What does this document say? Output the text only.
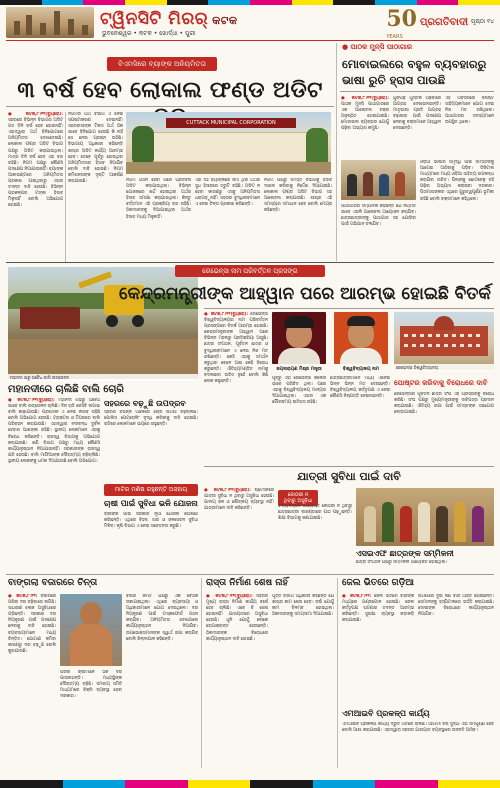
ଟ୍ୱିନସିଟି ମିରର୍ କଟକ
ଭୁବନେଶ୍ୱର • କଟକ • ଖୋର୍ଦ୍ଧା • ପୁରୀ
50
YEARS
ପ୍ରଗତିବାଦୀ ପୃଷ୍ଠା ୧୪
ବିଏମସିରେ ବ୍ୟାଙ୍କ ଅନିୟମିତତା
୩ ବର୍ଷ ହେବ ଲୋକାଲ ଫଣ୍ଡ ଅଡିଟ
● କଟକ,୮।୧୧(ବ୍ୟୁରୋ): ସହରରେ ବିଭିନ୍ନ ବିଭାଗର ଅଡିଟ ଗତ ତିନି ବର୍ଷ ହେବ ହୋଇନାହିଁ। ଏହାଦ୍ୱାରା ଅର୍ଥ ବିନିଯୋଗରେ ଅନିୟମିତତା ଦେଖାଦେଇଛି। ଲୋକାଲ ଫଣ୍ଡ ଅଡିଟ ବିଭାଗ ପକ୍ଷରୁ ଅଡିଟ କରାଯାଉଥିଲା। ମାତ୍ର ତିନି ବର୍ଷ ହେବ ଏହା ବନ୍ଦ ରହିଛି। ନିଗମ ପକ୍ଷରୁ କୌଣସି ପଦକ୍ଷେପ ନିଆଯାଇନାହିଁ। ବ୍ୟାଙ୍କ ଆକାଉଣ୍ଟରେ ଅନିୟମିତତା ପ୍ରକାଶ ପାଇଥିବାରୁ ଏହାର ତଦନ୍ତ ଦାବି ହେଉଛି। ବିଭିନ୍ନ ପ୍ରକଳ୍ପର ଟଙ୍କା ହିସାବ ମିଳୁନାହିଁ ବୋଲି ଅଭିଯୋଗ ହୋଇଛି।
ନିଗମର ଅର୍ଥ ବିଭାଗ ଏ ନେଇ ସ୍ପଷ୍ଟୀକରଣ ଦେଇନାହିଁ। ସହରବାସୀଙ୍କ ଟିକସ ଅର୍ଥ ଠିକ ଭାବେ ବିନିଯୋଗ ହେଉଛି କି ନାହିଁ ସେ ନେଇ ପ୍ରଶ୍ନ ଉଠିଛି। ବିଭାଗୀୟ ଅଧିକାରୀ କହିଛନ୍ତି ଶୀଘ୍ର ଅଡିଟ କାର୍ଯ୍ୟ ଆରମ୍ଭ ହେବ। ତେବେ ପୂର୍ବରୁ ହୋଇଥିବା ଅନିୟମିତତାର ହିସାବ ନିଆଯିବ ବୋଲି ଦାବି ହୋଇଛି। ନିଗମ କମିଶନରଙ୍କ ଦୃଷ୍ଟି ଆକର୍ଷଣ କରାଯାଇଛି।
CUTTACK MUNICIPAL CORPORATION
ନିଗମ ଗଠନ ହେବା ପରେ ପ୍ରତିବର୍ଷ ଅଡିଟ କରାଯାଉଥିଲା। ବିଭିନ୍ନ ଯୋଜନାରେ ଖର୍ଚ୍ଚ ହୋଇଥିବା ଅର୍ଥର ହିସାବ ସମୀକ୍ଷା କରାଯାଉଥିଲା। କିନ୍ତୁ ବର୍ତ୍ତମାନ ଏହି ପ୍ରକ୍ରିୟା ବନ୍ଦ ରହିଛି। ଠିକାଦାରଙ୍କୁ ଦିଆଯାଇଥିବା ଅର୍ଥର ହିସାବ ମଧ୍ୟ ମିଳୁନାହିଁ।
ଏହା ସହ ବ୍ୟାଙ୍କରେ ଜମା ଥିବା ଅର୍ଥର ସୁଧ ହିସାବରେ ତ୍ରୁଟି ରହିଛି। ଅଡିଟ ନ ହେବା କାରଣରୁ ଏସବୁ ଅନିୟମିତତା ଧରାପଡ଼ୁନାହିଁ। ସହରର ବୁଦ୍ଧିଜୀବୀମାନେ ଏ ନେଇ ଚିନ୍ତା ପ୍ରକାଶ କରିଛନ୍ତି।
ନିଗମ ପକ୍ଷରୁ ସମସ୍ତ ବିଭାଗକୁ ହିସାବ ଦାଖଲ କରିବାକୁ ନିର୍ଦ୍ଦେଶ ଦିଆଯାଇଛି। ଲୋକାଲ ଫଣ୍ଡ ଅଡିଟ ବିଭାଗ ସହ ଆଲୋଚନା କରାଯାଉଛି। ଶୀଘ୍ର ଏହି ସମସ୍ୟାର ସମାଧାନ ହେବ ବୋଲି ମେୟର କହିଛନ୍ତି।
● ପାଠକ ମୁନ୍ସି ପାଠାଗାର
ମୋବାଇଲରେ ବହୁଳ ବ୍ୟବହାରରୁ ଭାଷା ରୁଚି ହ୍ରାସ ପାଉଛି
● କଟକ,୮।୧୧(ବ୍ୟୁରୋ): ପାଠକ ମୁନ୍ସି ପାଠାଗାରରେ ଏକ ଆଲୋଚନା ଚକ୍ର ଅନୁଷ୍ଠିତ ହୋଇଯାଇଛି। ମୋବାଇଲ ବ୍ୟବହାର ଯୋଗୁଁ ପଢ଼ିବା ଅଭ୍ୟାସ କମୁଛି।
ଯୁବପିଢ଼ି ପୁସ୍ତକ ପଢ଼ିବାରେ ଆଗ୍ରହ ଦେଖାଉନାହାନ୍ତି। ମାତୃଭାଷା ପ୍ରତି ଆଗ୍ରହ ବଢ଼ାଇବା ପାଇଁ ପଦକ୍ଷେପ ନେବାକୁ ବକ୍ତାମାନେ ଆହ୍ୱାନ ଦେଇଛନ୍ତି।
ଏହି ଅବସରରେ ବିଶିଷ୍ଟ ସାହିତ୍ୟିକମାନେ ଯୋଗ ଦେଇ ନିଜ ମତ ରଖିଥିଲେ। ପାଠାଗାରର ସଦସ୍ୟମାନେ ଉପସ୍ଥିତ ଥିଲେ।
ପାଠାଗାରର ସମ୍ପାଦକ କହିଛନ୍ତି ଯେ ନିୟମିତ ଭାବେ ଏଭଳି ଆଲୋଚନା ଆୟୋଜନ କରାଯିବ। ଛାତ୍ରଛାତ୍ରୀଙ୍କୁ ପାଠାଗାର ସହ ଯୋଡ଼ିବା ପାଇଁ ଅଭିଯାନ ଚଳାଯିବ।
ଓଡ଼ିଆ ଭାଷାର ସମୃଦ୍ଧି ପାଇଁ ସମସ୍ତଙ୍କୁ ଆଗେଇ ଆସିବାକୁ ପଡ଼ିବ। ଡିଜିଟାଲ ମାଧ୍ୟମରେ ମଧ୍ୟ ଓଡ଼ିଆ ସାହିତ୍ୟ ଉପଲବ୍ଧ କରାଯିବା ଉଚିତ। ପିଲାଙ୍କୁ ଛୋଟବେଳୁ ବହି ପଢ଼ିବା ଅଭ୍ୟାସ କରାଇବା ଦରକାର। ପିତାମାତାଙ୍କର ଏଥିରେ ଗୁରୁତ୍ୱପୂର୍ଣ୍ଣ ଭୂମିକା ରହିଛି ବୋଲି ବକ୍ତାମାନେ କହିଥିଲେ।
ମହାନଦୀ ଠାରୁ ଅବୈଧ ବାଲି ଉତ୍ତୋଳନ
ରେଭେନ୍ସା ନାମ ପରିବର୍ତ୍ତନ ପ୍ରସଙ୍ଗ
କେନ୍ଦ୍ରମନ୍ତ୍ରୀଙ୍କ ଆହ୍ୱାନ ପରେ ଆରମ୍ଭ ହୋଇଛି ବିତର୍କ
● କଟକ,୮।୧୧(ବ୍ୟୁରୋ): ରେଭେନ୍ସା ବିଶ୍ୱବିଦ୍ୟାଳୟର ନାମ ପରିବର୍ତ୍ତନ ପ୍ରସଙ୍ଗରେ ବିତର୍କ ଆରମ୍ଭ ହୋଇଛି। କେନ୍ଦ୍ରମନ୍ତ୍ରୀଙ୍କ ଆହ୍ୱାନ ପରେ ବିଭିନ୍ନ ମହଲରୁ ପ୍ରତିକ୍ରିୟା ଆସୁଛି। ଛାତ୍ର ସଂଗଠନ, ପୂର୍ବତନ ଛାତ୍ର ଓ ବୁଦ୍ଧିଜୀବୀମାନେ ଏ ନେଇ ନିଜ ମତ ରଖିଛନ୍ତି। କେହି ଏହାକୁ ସମର୍ଥନ କରୁଥିବା ବେଳେ ଆଉ କେହି ବିରୋଧ କରୁଛନ୍ତି। ଐତିହ୍ୟମଣ୍ଡିତ ନାମକୁ ବଦଳାଇବା ଉଚିତ ନୁହେଁ ବୋଲି କିଛି ଲୋକ କହୁଛନ୍ତି।
ଜୟନାରାୟଣ ମିଶ୍ର ମନ୍ତ୍ରୀ	ବିଶ୍ୱବିଦ୍ୟାଳୟ ନାମ	ରେଭେନ୍ସା ବିଶ୍ୱବିଦ୍ୟାଳୟ
ପୂର୍ବରୁ ଏହା ରେଭେନ୍ସା କଲେଜ ଭାବେ ପରିଚିତ ଥିଲା। ପରେ ଏହାକୁ ବିଶ୍ୱବିଦ୍ୟାଳୟ ମାନ୍ୟତା ଦିଆଯାଇଥିଲା। ଏହାର ଏକ ଗୌରବମୟ ଇତିହାସ ରହିଛି।
ଛାତ୍ରଛାତ୍ରୀମାନେ ମଧ୍ୟ ଏନେଇ ଭିନ୍ନ ଭିନ୍ନ ମତ ଦେଉଛନ୍ତି। ବିଶ୍ୱବିଦ୍ୟାଳୟ କର୍ତ୍ତୃପକ୍ଷ ଏ ନେଇ କୌଣସି ନିଷ୍ପତ୍ତି ନେଇନାହାନ୍ତି।
ପୋଷ୍ଟର କରିବାକୁ ବିରୋଧରେ ଦାବି
ରେଭେନ୍ସାର ପୂର୍ବତନ ଛାତ୍ର ସଂଘ ଏହି ପ୍ରସ୍ତାବକୁ ବିରୋଧ କରିଛି। ସଂଘ ପକ୍ଷରୁ ମୁଖ୍ୟମନ୍ତ୍ରୀଙ୍କୁ ଦାବିପତ୍ର ପ୍ରଦାନ କରାଯାଇଛି। ଐତିହ୍ୟ ରକ୍ଷା ପାଇଁ ସମସ୍ତଙ୍କ ସହଯୋଗ ଲୋଡ଼ାଯାଇଛି।
ମହାନଦୀରେ ଚାଲିଛି ବାଲି ଚୋରି
ସହରରେ ବଢ଼ୁଛି ଉପଦ୍ରବ
● କଟକ,୮।୧୧(ବ୍ୟୁରୋ): ମହାନଦୀ ଗର୍ଭରୁ ଅବୈଧ ଭାବେ ବାଲି ଉତ୍ତୋଳନ ଚାଲିଛି। ଦିନ ରାତି ଜେସିବି ଲଗାଇ ବାଲି କାଢ଼ାଯାଉଛି। ପ୍ରଶାସନ ଏ ନେଇ ନୀରବ ରହିଛି ବୋଲି ଅଭିଯୋଗ ହେଉଛି। ଟ୍ରାକ୍ଟର ଓ ଟିପରରେ ବାଲି ପରିବହନ କରାଯାଉଛି। ଏହାଦ୍ୱାରା ନଦୀବନ୍ଧ ଦୁର୍ବଳ ହେବାର ଆଶଙ୍କା ରହିଛି। ସ୍ଥାନୀୟ ଲୋକମାନେ ଏହାକୁ ବିରୋଧ କରିଛନ୍ତି। ରାଜସ୍ୱ ବିଭାଗକୁ ଅଭିଯୋଗ କରାଯାଇଛି। ଖଣି ବିଭାଗ ପକ୍ଷରୁ ମଧ୍ୟ କୌଣସି କାର୍ଯ୍ୟାନୁଷ୍ଠାନ ନିଆଯାଇନାହିଁ। ସରକାରଙ୍କ ରାଜସ୍ୱ କ୍ଷତି ହେଉଛି। ବାଲି ମାଫିଆଙ୍କ ଦୌରାତ୍ମ୍ୟ ବଢ଼ିଚାଲିଛି। ସ୍ଥାନୀୟ ଲୋକଙ୍କୁ ଧମକ ଦିଆଯାଉଛି ବୋଲି ଅଭିଯୋଗ।
ସହରର ବିଭିନ୍ନ ଅଞ୍ଚଳରେ ଚୋରି ଘଟଣା ବଢ଼ିଚାଲିଛି। ପୋଲିସ ପେଟ୍ରୋଲିଂ ବୃଦ୍ଧି କରିବାକୁ ଦାବି ହୋଇଛି। ରାତିରେ ଲୋକମାନେ ଭୟରେ ରହୁଛନ୍ତି।
ମାଟିର ମଣିଷ ରହୁଛନ୍ତି ଅସହାୟ
ଚାଷୀ ପାଇଁ ସୁବିଧା ଭଳି ଯୋଜନା
ଚାଷୀଙ୍କ ପାଇଁ ସରକାର ନୂଆ ଯୋଜନା ଘୋଷଣା କରିଛନ୍ତି। ଏଥିରେ ବିହନ, ସାର ଓ ଜଳସେଚନ ସୁବିଧା ମିଳିବ। କୃଷି ବିଭାଗ ଏ ନେଇ ସଚେତନତା କରୁଛି।
ଯାତ୍ରୀ ସୁବିଧା ପାଇଁ ଦାବି
● କଟକ,୮।୧୧(ବ୍ୟୁରୋ): ଷ୍ଟେସନରେ ଯାତ୍ରୀ ସୁବିଧା ନ ଥିବାରୁ ଅସୁବିଧା ହେଉଛି। ପାନୀୟ ଜଳ ଓ ଶୌଚାଳୟ ବ୍ୟବସ୍ଥା ନାହିଁ। ଯାତ୍ରୀମାନେ ଦାବି କରିଛନ୍ତି।
କୋଠରୀ ନ ଥିବାରୁ ଅସୁବିଧା
ବିଦ୍ୟାଳୟରେ ପର୍ଯ୍ୟାପ୍ତ କୋଠରୀ ନ ଥିବାରୁ ଛାତ୍ରଛାତ୍ରୀ ବାରଣ୍ଡାରେ ପାଠ ପଢ଼ୁଛନ୍ତି। ଶିକ୍ଷା ବିଭାଗକୁ ଜଣାଯାଇଛି।
ଏସଇଏଫ ଛାତ୍ରଙ୍କ ସମ୍ମିଳନୀ
ଛାତ୍ର ସଂଗଠନ ପକ୍ଷରୁ ସମ୍ମିଳନୀ ଆୟୋଜିତ ହୋଇଥିଲା।
ବାଙ୍ଗଲା ବଜାରରେ ଚିନ୍ତା
● କଟକ,୮।୧୧: ବଜାରରେ ପରିବା ଦର ବଢ଼ିବାରେ ଲାଗିଛି। ସାଧାରଣ ଲୋକ ଅସୁବିଧାରେ ପଡ଼ିଛନ୍ତି। ସରକାର ଦର ନିୟନ୍ତ୍ରଣ ପାଇଁ ପଦକ୍ଷେପ ନେବାକୁ ଦାବି ହୋଇଛି। ବ୍ୟବସାୟୀମାନେ ମଧ୍ୟ ଚିନ୍ତିତ। ଯୋଗାଣ କମିବା କାରଣରୁ ଦର ବଢ଼ୁଛି ବୋଲି କୁହାଯାଉଛି।
ପରିବା ଚାଷୀମାନେ ଠିକ ଦର ପାଉନାହାନ୍ତି। ମଧ୍ୟସ୍ଥିଙ୍କ ଦୌରାତ୍ମ୍ୟ ବଢ଼ିଛି। ସମବାୟ ସମିତି ମାଧ୍ୟମରେ ବିକ୍ରି ବ୍ୟବସ୍ଥା ହେବା ଦରକାର।
ବଜାର କମିଟି ପକ୍ଷରୁ ଏକ ବୈଠକ ଡକାଯାଇଥିଲା। ଏଥିରେ ବ୍ୟବସାୟୀ ଓ ଅଧିକାରୀମାନେ ଯୋଗ ଦେଇଥିଲେ। ଦର ନିୟନ୍ତ୍ରଣ ପାଇଁ ଟାସ୍କଫୋର୍ସ ଗଠନ କରାଯିବ। ଅନିୟମିତତା ଦେଖାଗଲେ କାର୍ଯ୍ୟାନୁଷ୍ଠାନ ନିଆଯିବ। ଉପଭୋକ୍ତାମାନଙ୍କ ସ୍ୱାର୍ଥ ରକ୍ଷା କରାଯିବ ବୋଲି ଜିଲ୍ଲାପାଳ କହିଛନ୍ତି।
ରାସ୍ତା ନିର୍ମାଣ ଶେଷ ନାହିଁ
● କଟକ,୮।୧୧(ବ୍ୟୁରୋ): ସହରର ମୁଖ୍ୟ ରାସ୍ତା ନିର୍ମାଣ କାର୍ଯ୍ୟ ବର୍ଷେ ହେବ ଚାଲିଛି। ଏବେ ବି ଶେଷ ହୋଇନାହିଁ। ଯାତାୟାତରେ ଅସୁବିଧା ହେଉଛି। ଧୂଳି ଯୋଗୁଁ ଲୋକେ ରୋଗାକ୍ରାନ୍ତ ହେଉଛନ୍ତି। ଠିକାଦାରଙ୍କ ବିରୋଧରେ କାର୍ଯ୍ୟାନୁଷ୍ଠାନ ଦାବି ହୋଇଛି।
ପୂର୍ତ୍ତ ବିଭାଗ ଅଧିକାରୀ କହିଛନ୍ତି ଯେ ଶୀଘ୍ର କାମ ଶେଷ ହେବ। ବର୍ଷା ଯୋଗୁଁ କାମ ବିଳମ୍ବ ହୋଇଥିଲା। ଠିକାଦାରଙ୍କୁ ସମୟସୀମା ଦିଆଯାଇଛି।
ଜେଲ ଭିତରେ ଗଡ଼ିଆ
● କଟକ,୮।୧୧: ଜେଲ ଭିତରେ ବନ୍ଦୀଙ୍କ ମଧ୍ୟରେ ଗଣ୍ଡଗୋଳ ହୋଇଛି। ଜେଲ କର୍ତ୍ତୃପକ୍ଷ ଘଟଣାର ତଦନ୍ତ ଆରମ୍ଭ କରିଛନ୍ତି। ସୁରକ୍ଷା ବ୍ୟବସ୍ଥା କଡ଼ାକଡ଼ି କରାଯାଇଛି।
ଘଟଣାରେ ଦୁଇ ଜଣ ବନ୍ଦୀ ଆହତ ହୋଇଛନ୍ତି। ସେମାନଙ୍କୁ ହସ୍ପିଟାଲରେ ଭର୍ତ୍ତି କରାଯାଇଛି। ଦୋଷୀଙ୍କ ବିରୋଧରେ କାର୍ଯ୍ୟାନୁଷ୍ଠାନ ନିଆଯିବ।
ଏମଆଇବି ପ୍ରକଳ୍ପ କାର୍ଯ୍ୟ
ଏମଆଇବି ପ୍ରକଳ୍ପ କାର୍ଯ୍ୟ ଦ୍ରୁତ ଗତିରେ ଚାଲିଛି। ଆଗାମୀ ବର୍ଷ ସୁଦ୍ଧା ଏହା ସମ୍ପୂର୍ଣ୍ଣ ହେବ ବୋଲି ଆଶା କରାଯାଉଛି। ଏହାଦ୍ୱାରା ସହରର ଯାତାୟାତ ବ୍ୟବସ୍ଥାରେ ଉନ୍ନତି ଆସିବ।
